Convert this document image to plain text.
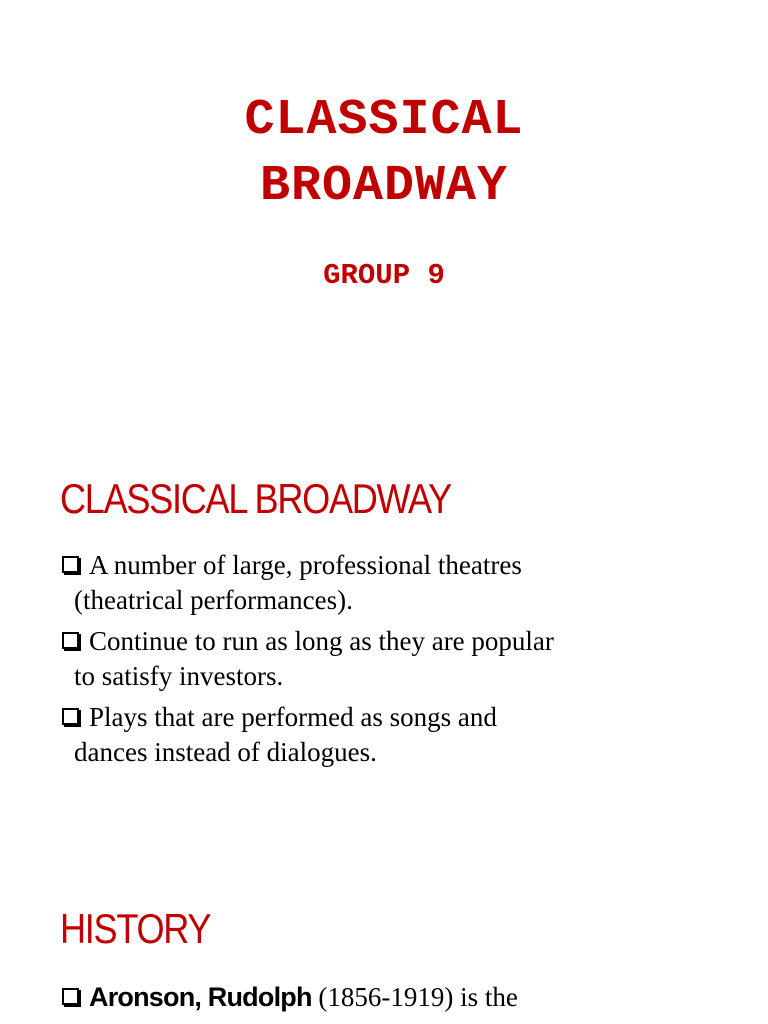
CLASSICAL
BROADWAY
GROUP 9
CLASSICAL BROADWAY
A number of large, professional theatres
(theatrical performances).
Continue to run as long as they are popular
to satisfy investors.
Plays that are performed as songs and
dances instead of dialogues.
HISTORY
Aronson, Rudolph (1856-1919) is the
